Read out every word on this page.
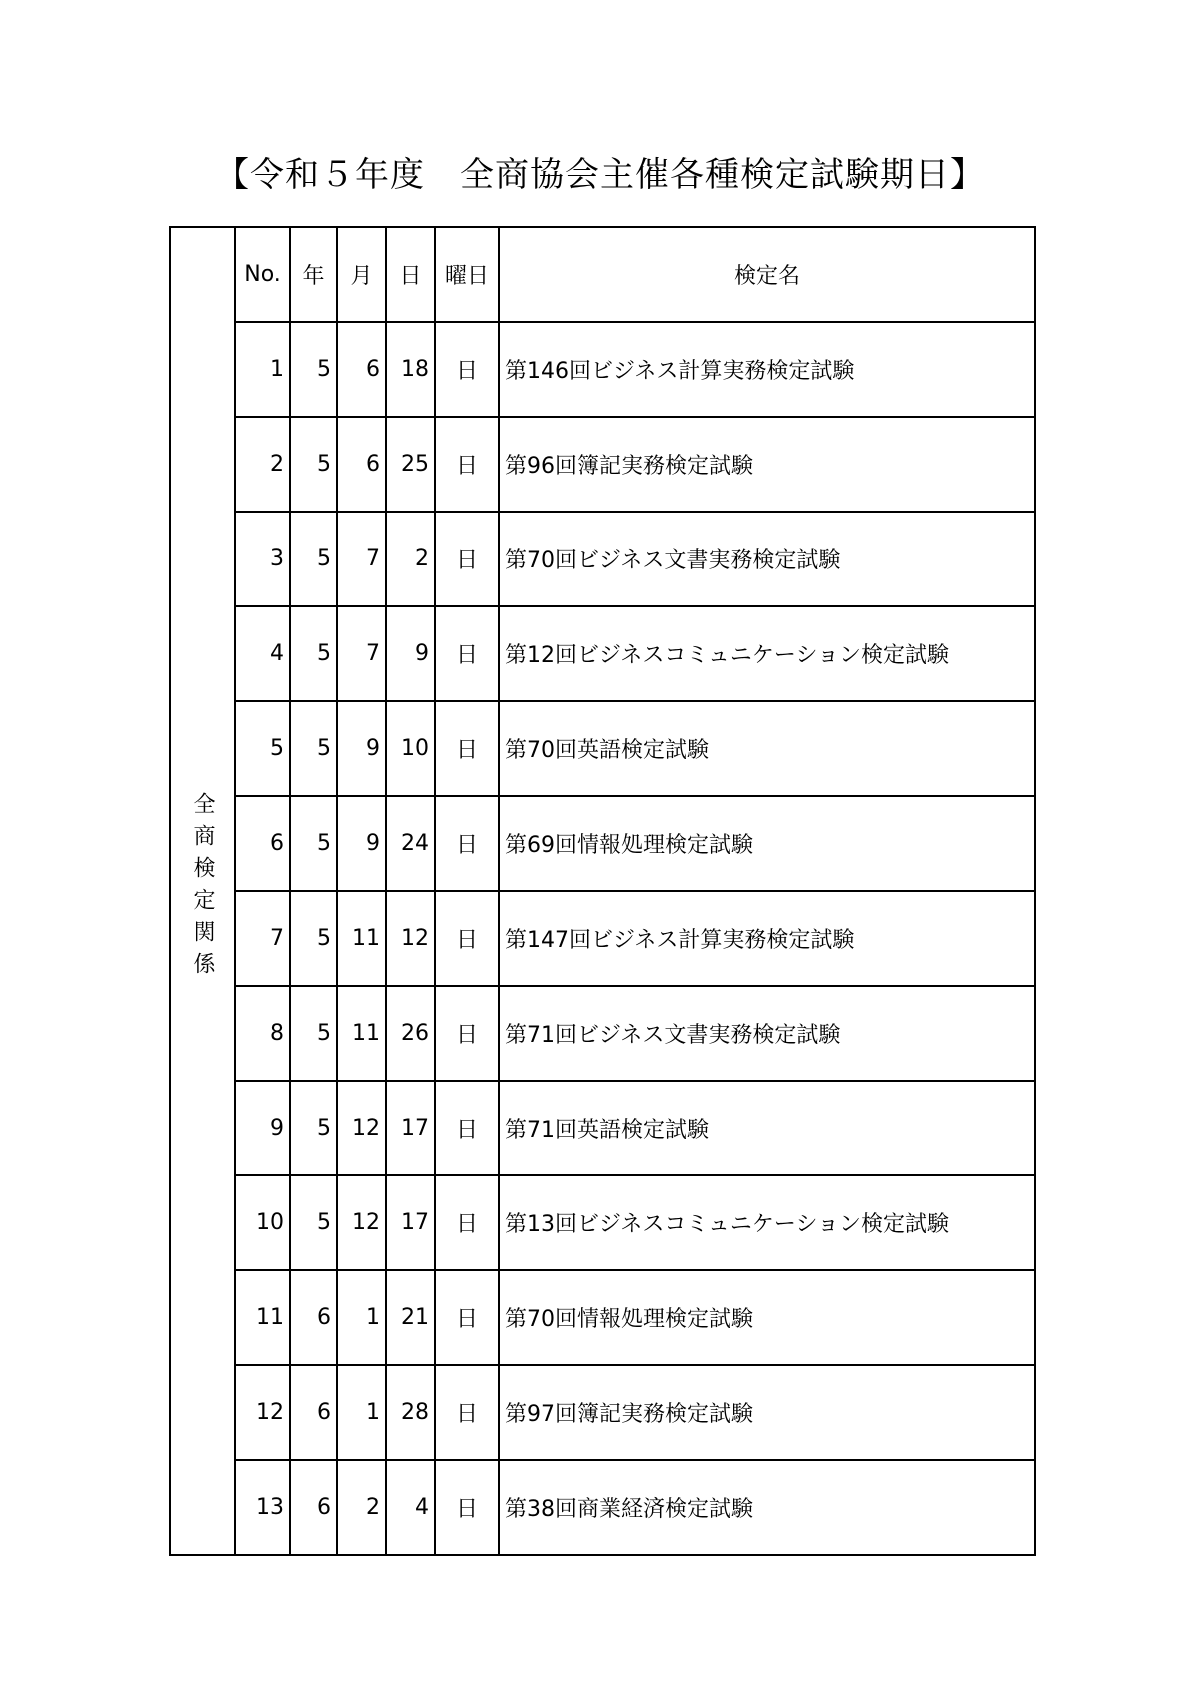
【令和５年度　全商協会主催各種検定試験期日】
全商検定関係	No.	年	月	日	曜日	検定名
	1	5	6	18	日	第146回ビジネス計算実務検定試験
	2	5	6	25	日	第96回簿記実務検定試験
	3	5	7	2	日	第70回ビジネス文書実務検定試験
	4	5	7	9	日	第12回ビジネスコミュニケーション検定試験
	5	5	9	10	日	第70回英語検定試験
	6	5	9	24	日	第69回情報処理検定試験
	7	5	11	12	日	第147回ビジネス計算実務検定試験
	8	5	11	26	日	第71回ビジネス文書実務検定試験
	9	5	12	17	日	第71回英語検定試験
	10	5	12	17	日	第13回ビジネスコミュニケーション検定試験
	11	6	1	21	日	第70回情報処理検定試験
	12	6	1	28	日	第97回簿記実務検定試験
	13	6	2	4	日	第38回商業経済検定試験
